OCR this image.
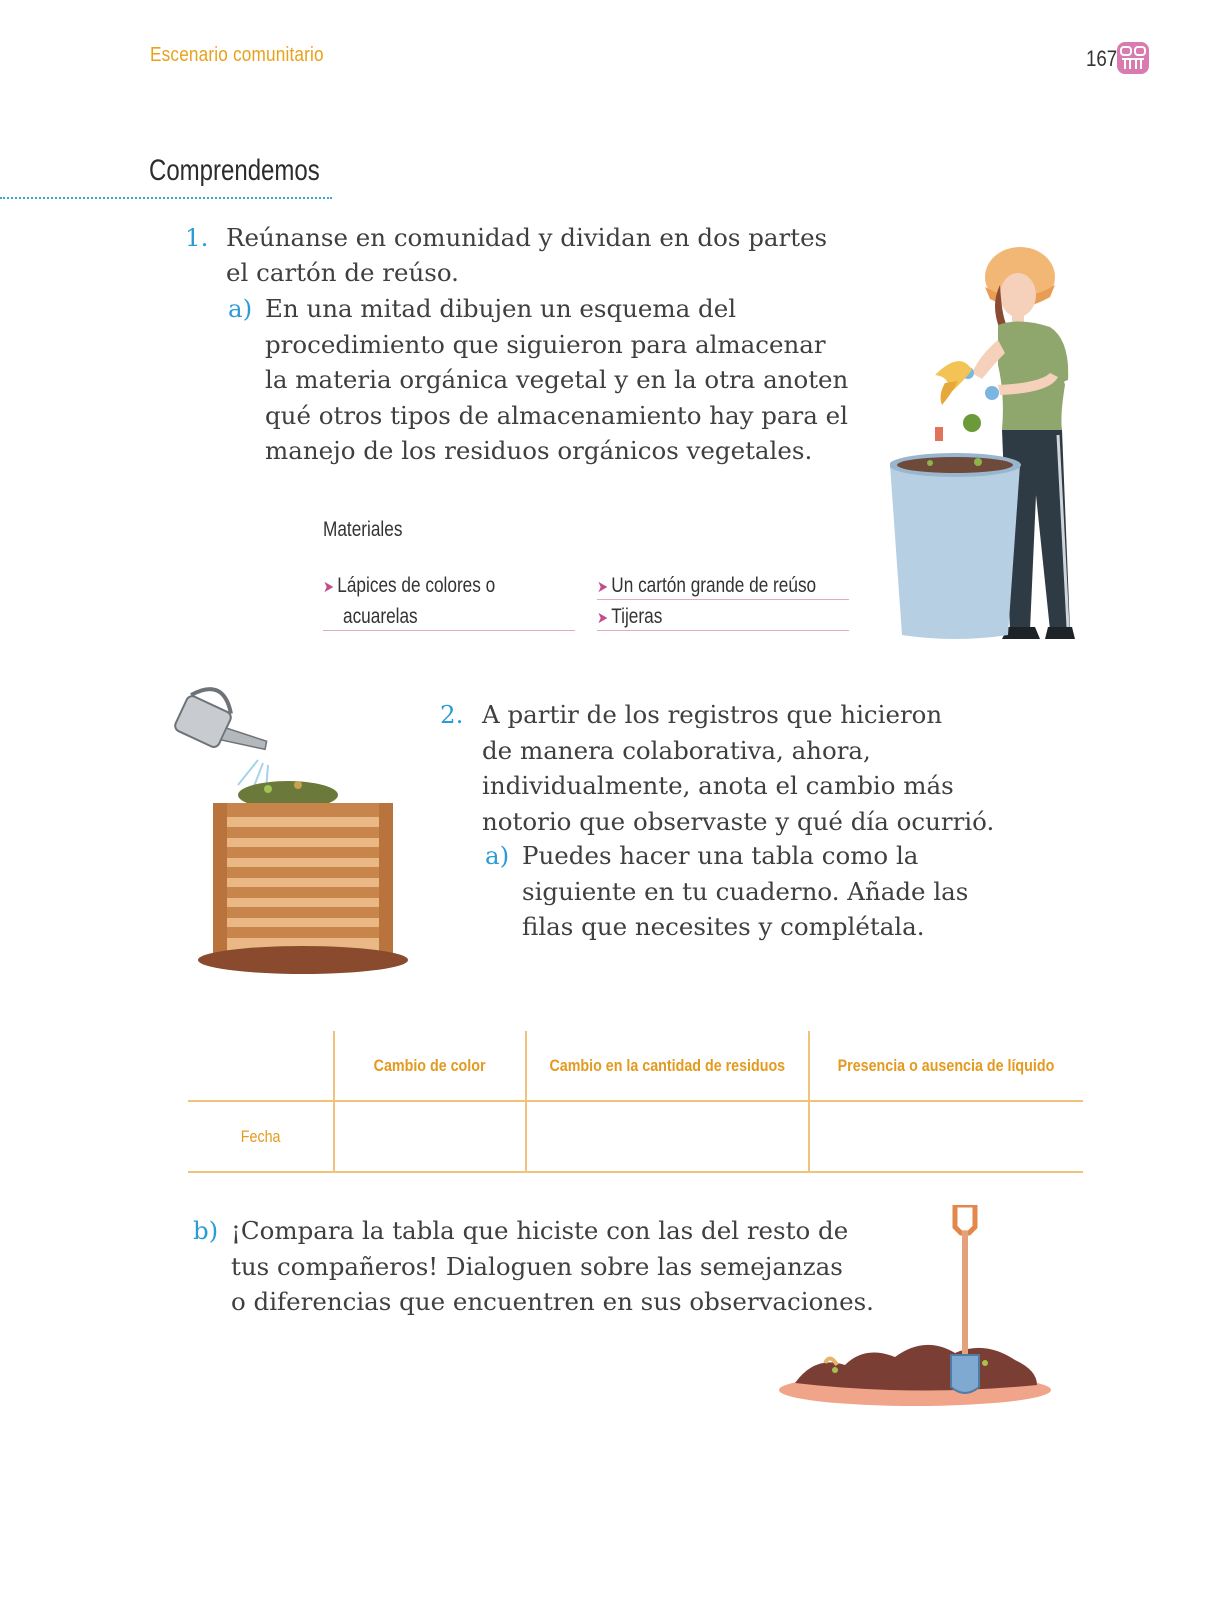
Escenario comunitario	167
Comprendemos
1. Reúnanse en comunidad y dividan en dos partes
el cartón de reúso.
a) En una mitad dibujen un esquema del
procedimiento que siguieron para almacenar
la materia orgánica vegetal y en la otra anoten
qué otros tipos de almacenamiento hay para el
manejo de los residuos orgánicos vegetales.
Materiales
➤ Lápices de colores o
acuarelas
➤ Un cartón grande de reúso
➤ Tijeras
2. A partir de los registros que hicieron
de manera colaborativa, ahora,
individualmente, anota el cambio más
notorio que observaste y qué día ocurrió.
a) Puedes hacer una tabla como la
siguiente en tu cuaderno. Añade las
filas que necesites y complétala.
	Cambio de color	Cambio en la cantidad de residuos	Presencia o ausencia de líquido
Fecha			
b) ¡Compara la tabla que hiciste con las del resto de
tus compañeros! Dialoguen sobre las semejanzas
o diferencias que encuentren en sus observaciones.
